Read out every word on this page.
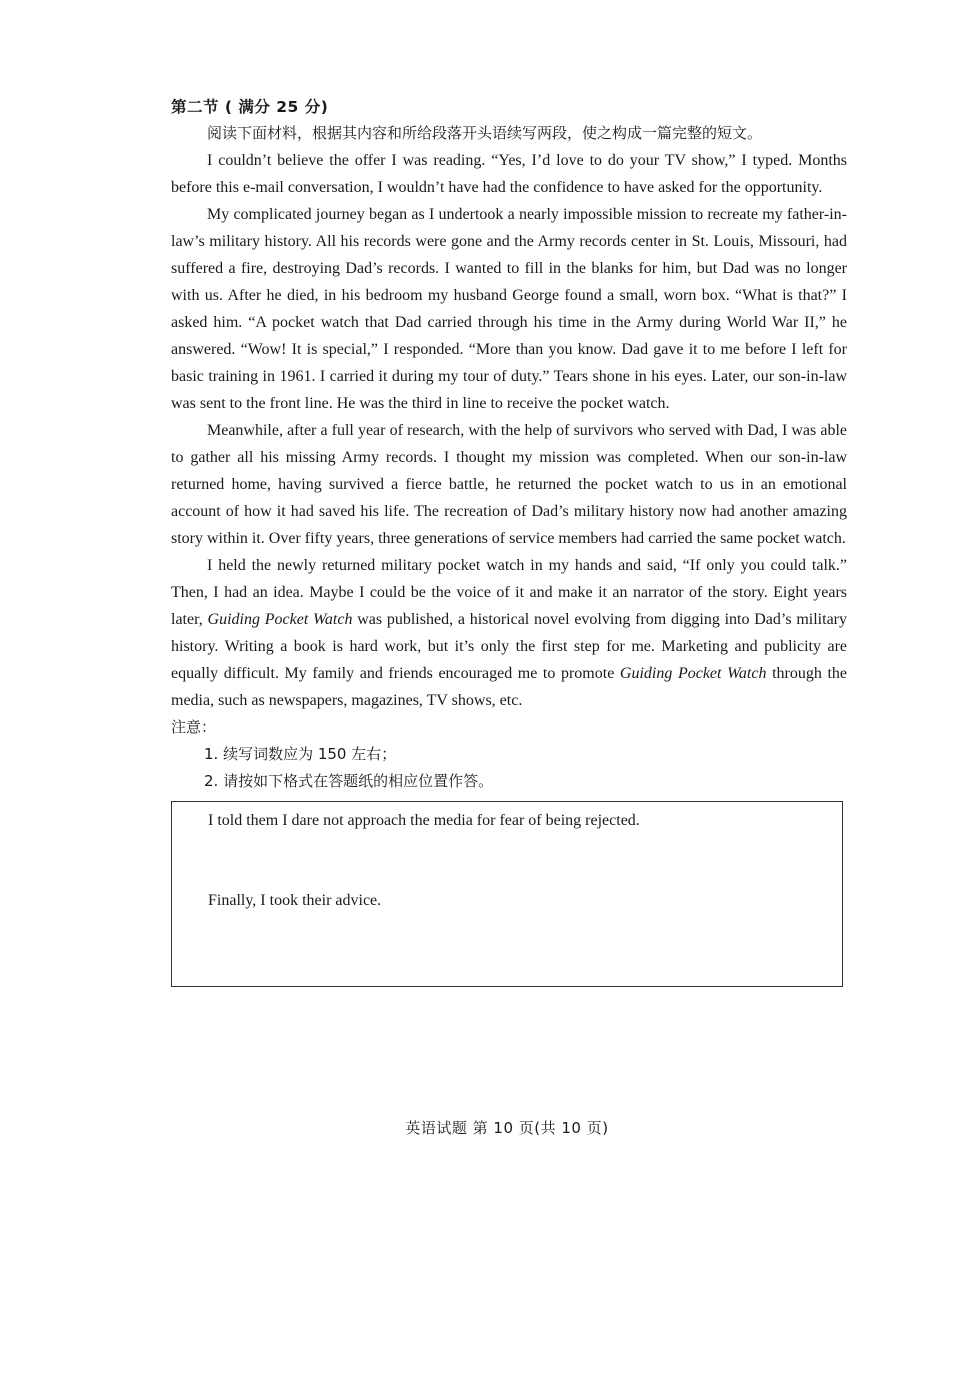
第二节 ( 满分 25 分)

阅读下面材料，根据其内容和所给段落开头语续写两段，使之构成一篇完整的短文。

I couldn’t believe the offer I was reading. “Yes, I’d love to do your TV show,” I typed. Months before this e-mail conversation, I wouldn’t have had the confidence to have asked for the opportunity.

My complicated journey began as I undertook a nearly impossible mission to recreate my father-in-law’s military history. All his records were gone and the Army records center in St. Louis, Missouri, had suffered a fire, destroying Dad’s records. I wanted to fill in the blanks for him, but Dad was no longer with us. After he died, in his bedroom my husband George found a small, worn box. “What is that?” I asked him. “A pocket watch that Dad carried through his time in the Army during World War II,” he answered. “Wow! It is special,” I responded. “More than you know. Dad gave it to me before I left for basic training in 1961. I carried it during my tour of duty.” Tears shone in his eyes. Later, our son-in-law was sent to the front line. He was the third in line to receive the pocket watch.

Meanwhile, after a full year of research, with the help of survivors who served with Dad, I was able to gather all his missing Army records. I thought my mission was completed. When our son-in-law returned home, having survived a fierce battle, he returned the pocket watch to us in an emotional account of how it had saved his life. The recreation of Dad’s military history now had another amazing story within it. Over fifty years, three generations of service members had carried the same pocket watch.

I held the newly returned military pocket watch in my hands and said, “If only you could talk.” Then, I had an idea. Maybe I could be the voice of it and make it an narrator of the story. Eight years later, Guiding Pocket Watch was published, a historical novel evolving from digging into Dad’s military history. Writing a book is hard work, but it’s only the first step for me. Marketing and publicity are equally difficult. My family and friends encouraged me to promote Guiding Pocket Watch through the media, such as newspapers, magazines, TV shows, etc.

注意：

1. 续写词数应为 150 左右；

2. 请按如下格式在答题纸的相应位置作答。

I told them I dare not approach the media for fear of being rejected.
Finally, I took their advice.
英语试题 第 10 页(共 10 页)
